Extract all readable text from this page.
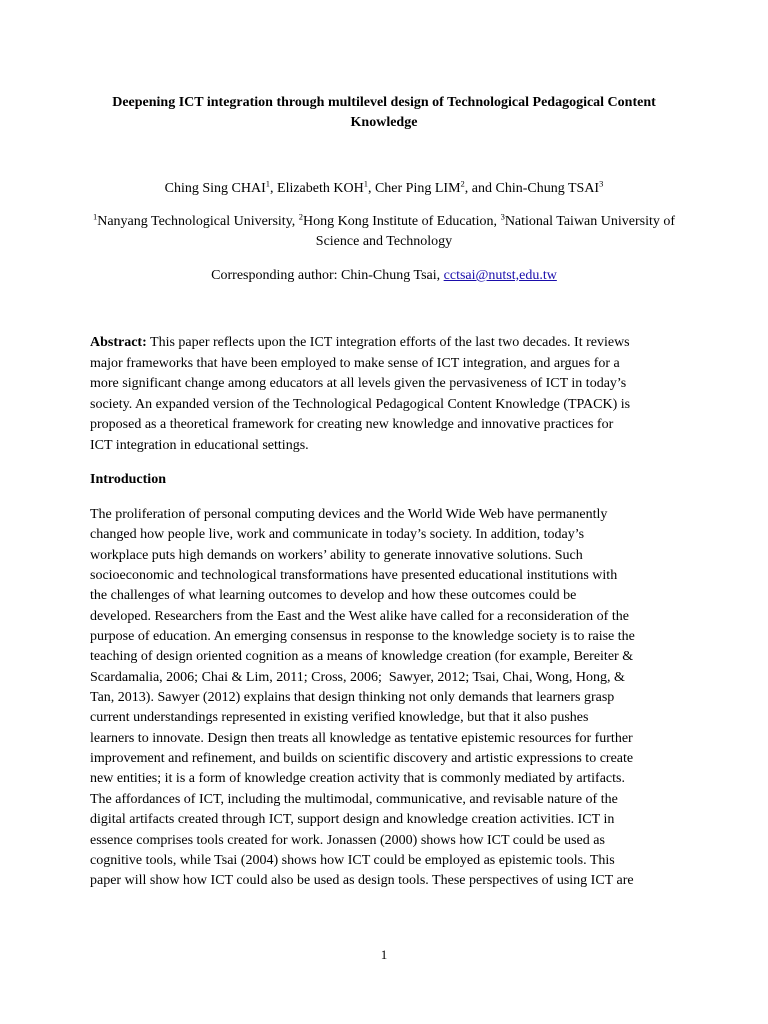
Deepening ICT integration through multilevel design of Technological Pedagogical Content Knowledge
Ching Sing CHAI$^1$, Elizabeth KOH$^1$, Cher Ping LIM$^2$, and Chin-Chung TSAI$^3$
$^1$Nanyang Technological University, $^2$Hong Kong Institute of Education, $^3$National Taiwan University of Science and Technology
Corresponding author: Chin-Chung Tsai, cctsai@nutst,edu.tw
Abstract: This paper reflects upon the ICT integration efforts of the last two decades. It reviews
major frameworks that have been employed to make sense of ICT integration, and argues for a
more significant change among educators at all levels given the pervasiveness of ICT in today’s
society. An expanded version of the Technological Pedagogical Content Knowledge (TPACK) is
proposed as a theoretical framework for creating new knowledge and innovative practices for
ICT integration in educational settings.
Introduction
The proliferation of personal computing devices and the World Wide Web have permanently
changed how people live, work and communicate in today’s society. In addition, today’s
workplace puts high demands on workers’ ability to generate innovative solutions. Such
socioeconomic and technological transformations have presented educational institutions with
the challenges of what learning outcomes to develop and how these outcomes could be
developed. Researchers from the East and the West alike have called for a reconsideration of the
purpose of education. An emerging consensus in response to the knowledge society is to raise the
teaching of design oriented cognition as a means of knowledge creation (for example, Bereiter &
Scardamalia, 2006; Chai & Lim, 2011; Cross, 2006;  Sawyer, 2012; Tsai, Chai, Wong, Hong, &
Tan, 2013). Sawyer (2012) explains that design thinking not only demands that learners grasp
current understandings represented in existing verified knowledge, but that it also pushes
learners to innovate. Design then treats all knowledge as tentative epistemic resources for further
improvement and refinement, and builds on scientific discovery and artistic expressions to create
new entities; it is a form of knowledge creation activity that is commonly mediated by artifacts.
The affordances of ICT, including the multimodal, communicative, and revisable nature of the
digital artifacts created through ICT, support design and knowledge creation activities. ICT in
essence comprises tools created for work. Jonassen (2000) shows how ICT could be used as
cognitive tools, while Tsai (2004) shows how ICT could be employed as epistemic tools. This
paper will show how ICT could also be used as design tools. These perspectives of using ICT are
1
